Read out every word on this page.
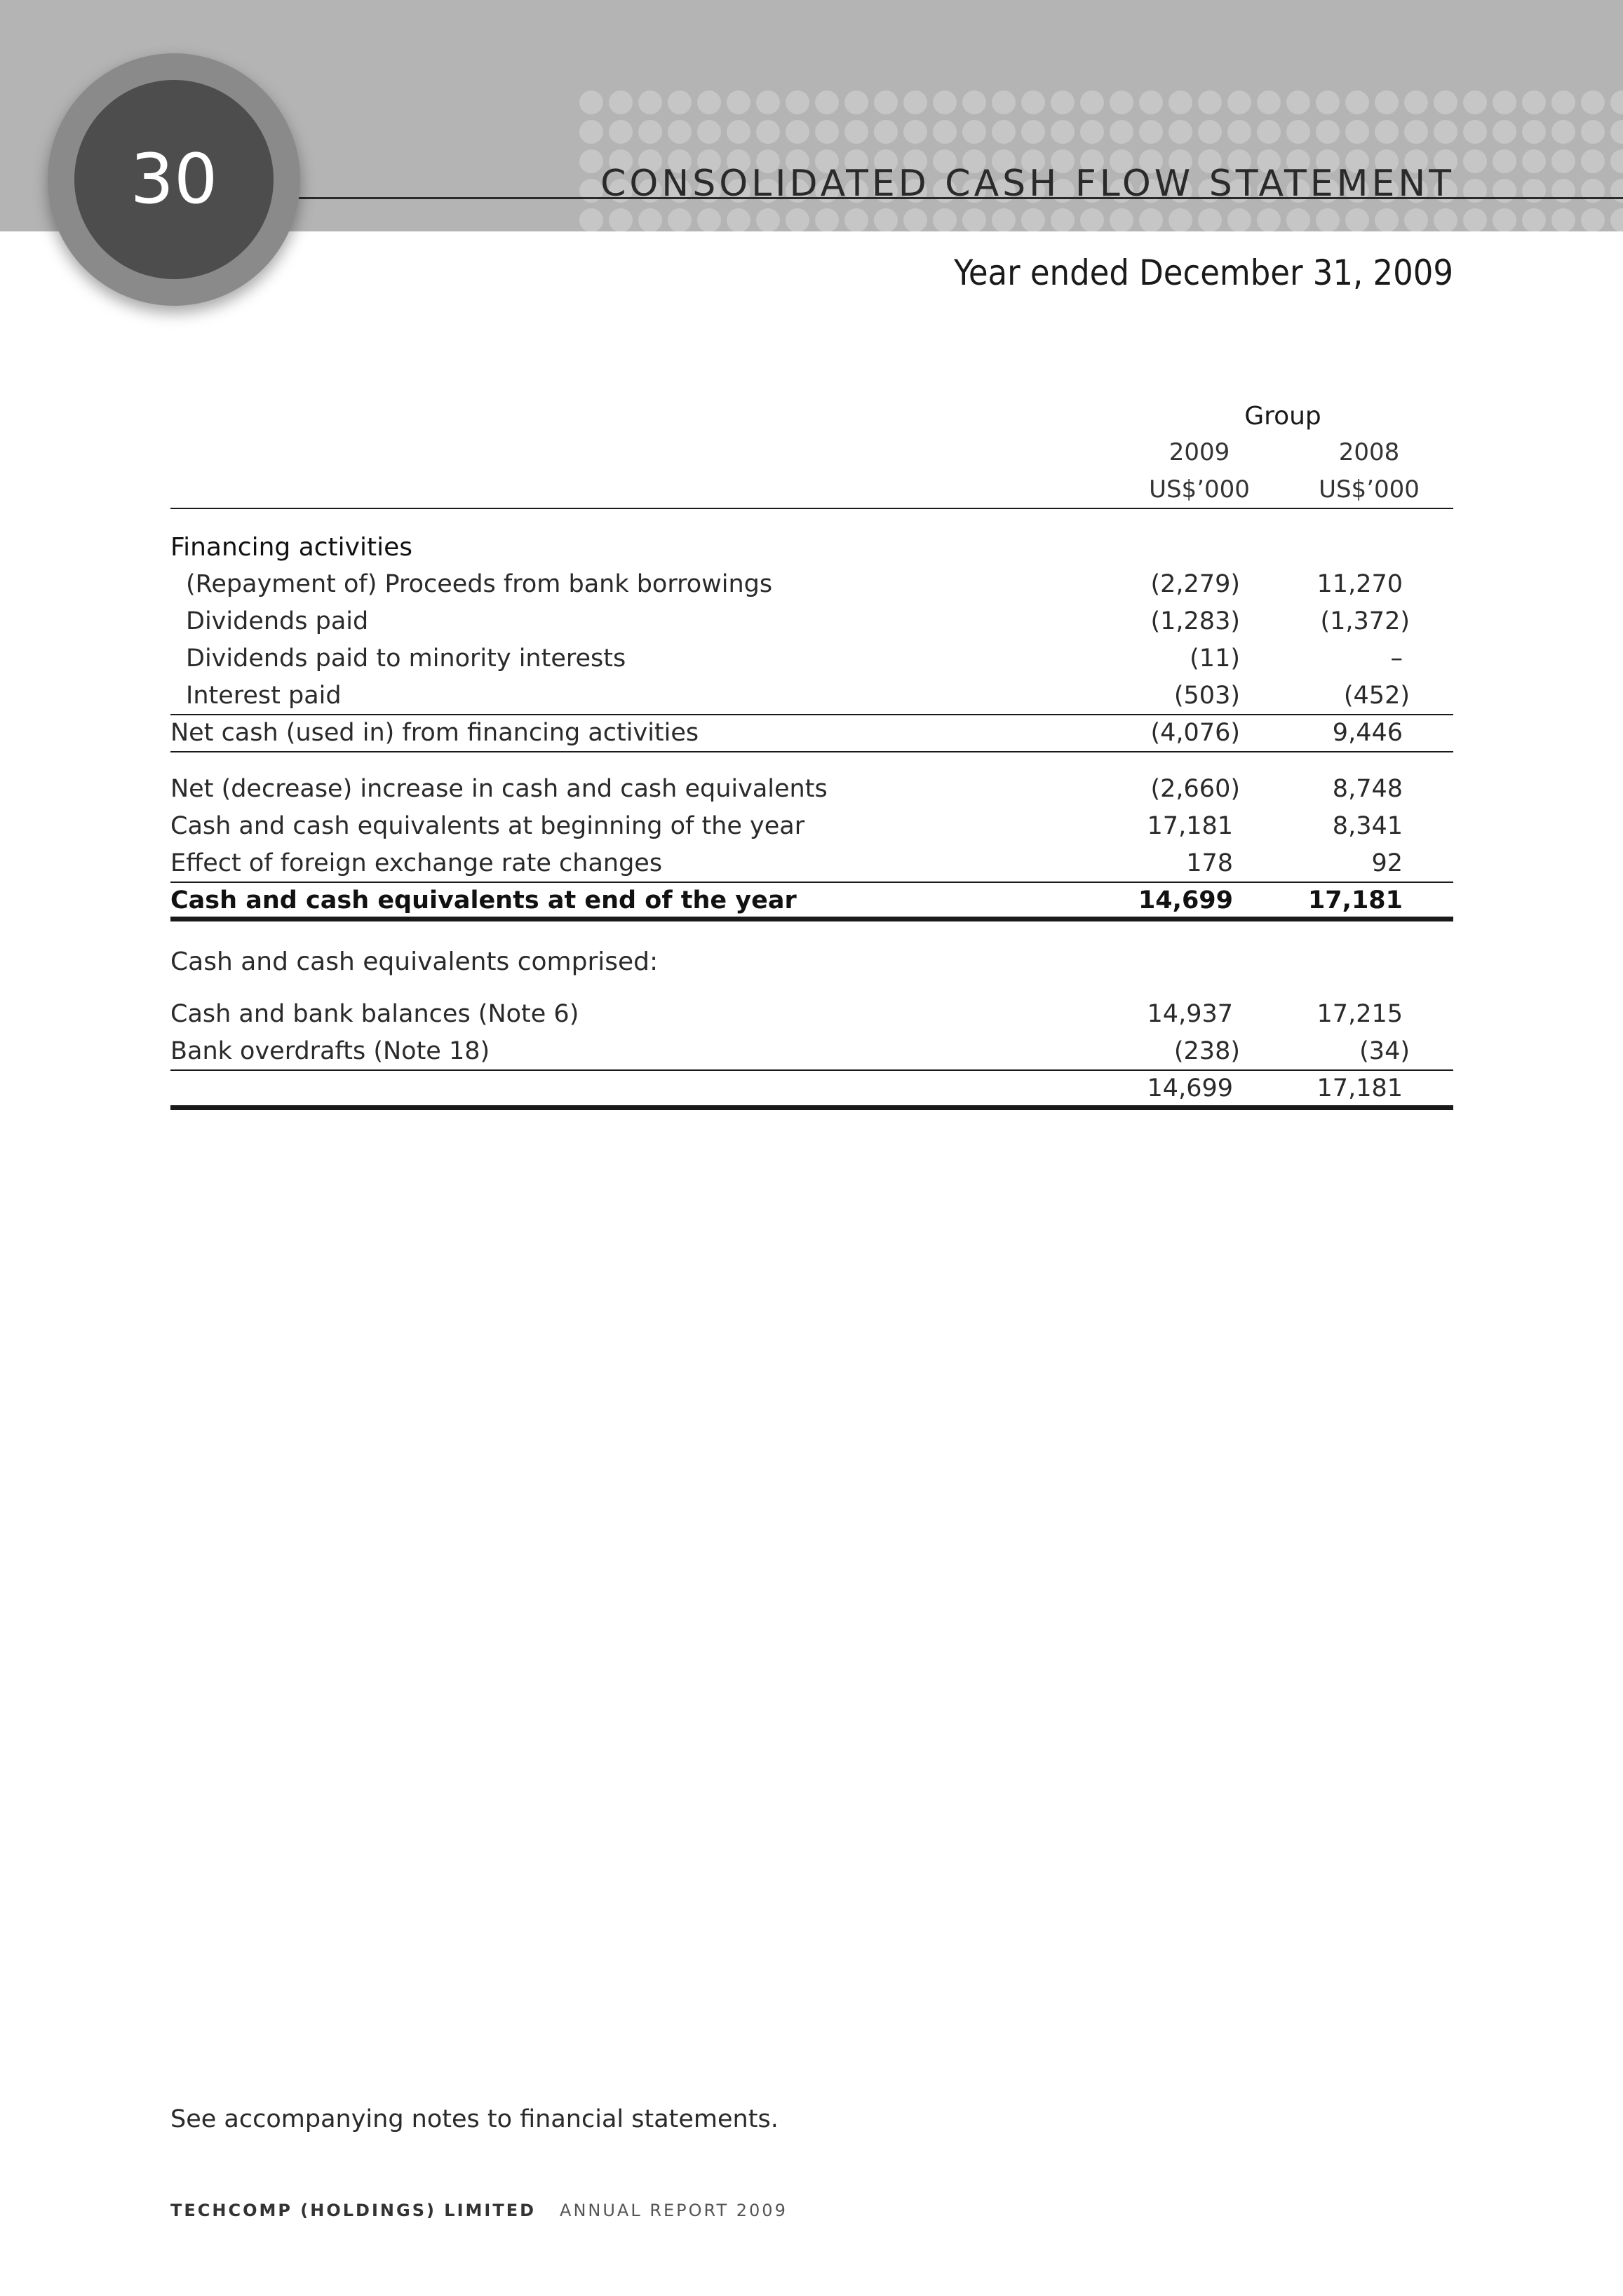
30	CONSOLIDATED CASH FLOW STATEMENT
Year ended December 31, 2009
Group
2009	2008
US$’000	US$’000
Financing activities
(Repayment of) Proceeds from bank borrowings	(2,279)	11,270
Dividends paid	(1,283)	(1,372)
Dividends paid to minority interests	(11)	–
Interest paid	(503)	(452)
Net cash (used in) from financing activities	(4,076)	9,446
Net (decrease) increase in cash and cash equivalents	(2,660)	8,748
Cash and cash equivalents at beginning of the year	17,181	8,341
Effect of foreign exchange rate changes	178	92
Cash and cash equivalents at end of the year	14,699	17,181
Cash and cash equivalents comprised:
Cash and bank balances (Note 6)	14,937	17,215
Bank overdrafts (Note 18)	(238)	(34)
14,699	17,181
See accompanying notes to financial statements.
TECHCOMP (HOLDINGS) LIMITED ANNUAL REPORT 2009
